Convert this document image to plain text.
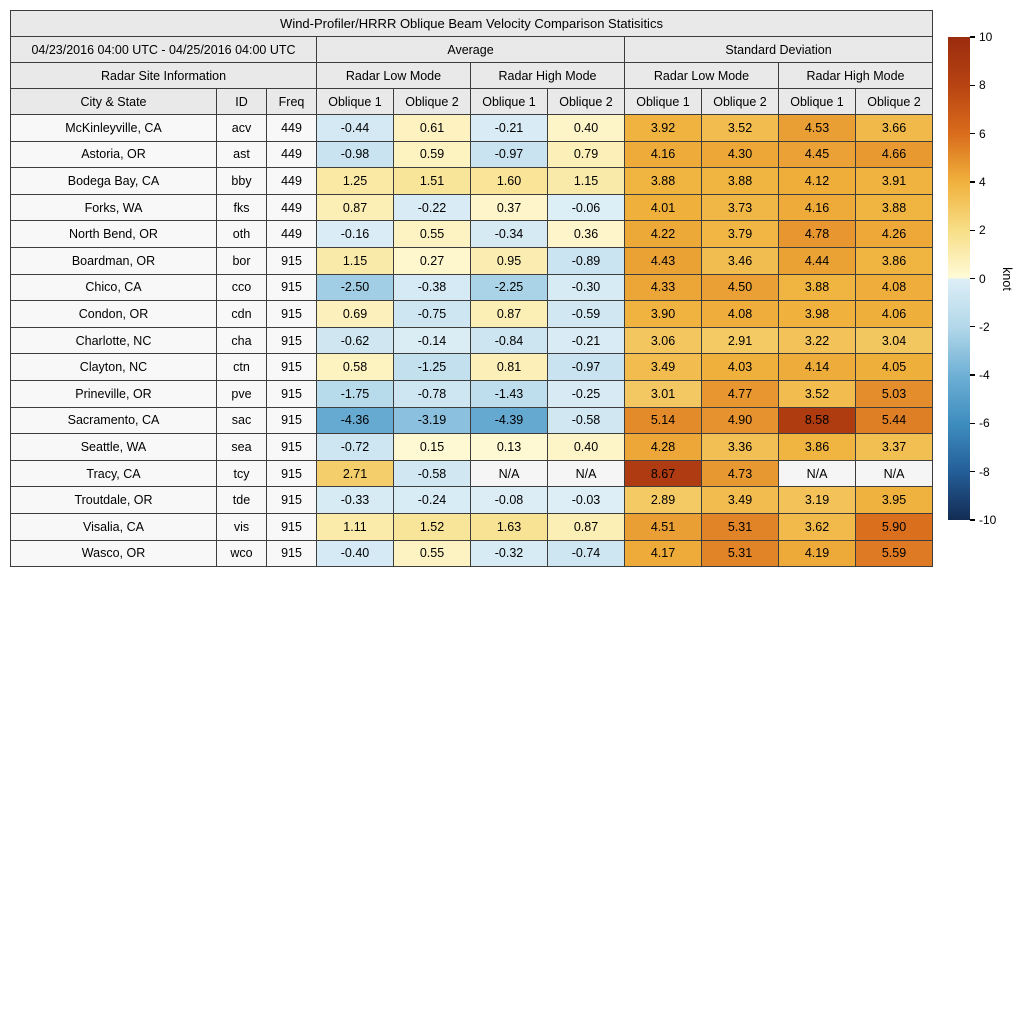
Wind-Profiler/HRRR Oblique Beam Velocity Comparison Statisitics										
04/23/2016 04:00 UTC - 04/25/2016 04:00 UTC			Average				Standard Deviation			
Radar Site Information			Radar Low Mode		Radar High Mode		Radar Low Mode		Radar High Mode	
City & State	ID	Freq	Oblique 1	Oblique 2	Oblique 1	Oblique 2	Oblique 1	Oblique 2	Oblique 1	Oblique 2
McKinleyville, CA	acv	449	-0.44	0.61	-0.21	0.40	3.92	3.52	4.53	3.66
Astoria, OR	ast	449	-0.98	0.59	-0.97	0.79	4.16	4.30	4.45	4.66
Bodega Bay, CA	bby	449	1.25	1.51	1.60	1.15	3.88	3.88	4.12	3.91
Forks, WA	fks	449	0.87	-0.22	0.37	-0.06	4.01	3.73	4.16	3.88
North Bend, OR	oth	449	-0.16	0.55	-0.34	0.36	4.22	3.79	4.78	4.26
Boardman, OR	bor	915	1.15	0.27	0.95	-0.89	4.43	3.46	4.44	3.86
Chico, CA	cco	915	-2.50	-0.38	-2.25	-0.30	4.33	4.50	3.88	4.08
Condon, OR	cdn	915	0.69	-0.75	0.87	-0.59	3.90	4.08	3.98	4.06
Charlotte, NC	cha	915	-0.62	-0.14	-0.84	-0.21	3.06	2.91	3.22	3.04
Clayton, NC	ctn	915	0.58	-1.25	0.81	-0.97	3.49	4.03	4.14	4.05
Prineville, OR	pve	915	-1.75	-0.78	-1.43	-0.25	3.01	4.77	3.52	5.03
Sacramento, CA	sac	915	-4.36	-3.19	-4.39	-0.58	5.14	4.90	8.58	5.44
Seattle, WA	sea	915	-0.72	0.15	0.13	0.40	4.28	3.36	3.86	3.37
Tracy, CA	tcy	915	2.71	-0.58	N/A	N/A	8.67	4.73	N/A	N/A
Troutdale, OR	tde	915	-0.33	-0.24	-0.08	-0.03	2.89	3.49	3.19	3.95
Visalia, CA	vis	915	1.11	1.52	1.63	0.87	4.51	5.31	3.62	5.90
Wasco, OR	wco	915	-0.40	0.55	-0.32	-0.74	4.17	5.31	4.19	5.59
10
8
6
4
2
0
-2
-4
-6
-8
-10
knot
